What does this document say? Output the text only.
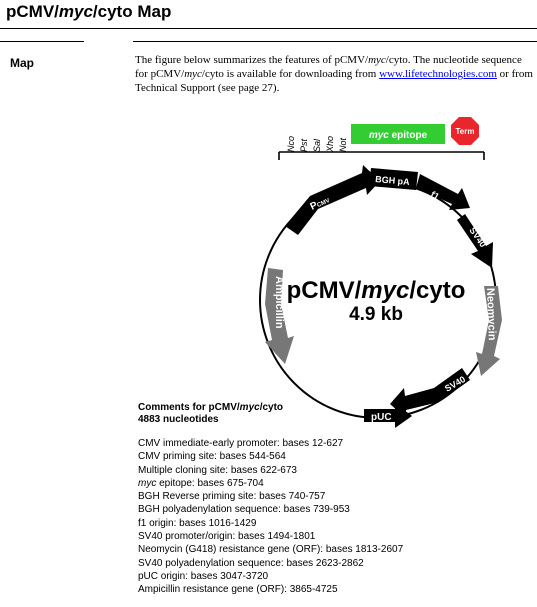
pCMV/myc/cyto Map
Map	The figure below summarizes the features of pCMV/myc/cyto. The nucleotide sequence for pCMV/myc/cyto is available for downloading from www.lifetechnologies.com or from Technical Support (see page 27).
Nco Pst Sal Xho Not
myc epitope	Term
PCMV
BGH pA
f1
SV40
Neomycin
SV40
pUC
Ampicillin pCMV/myc/cyto
4.9 kb
Comments for pCMV/myc/cyto
4883 nucleotides
CMV immediate-early promoter: bases 12-627
CMV priming site: bases 544-564
Multiple cloning site: bases 622-673
myc epitope: bases 675-704
BGH Reverse priming site: bases 740-757
BGH polyadenylation sequence: bases 739-953
f1 origin: bases 1016-1429
SV40 promoter/origin: bases 1494-1801
Neomycin (G418) resistance gene (ORF): bases 1813-2607
SV40 polyadenylation sequence: bases 2623-2862
pUC origin: bases 3047-3720
Ampicillin resistance gene (ORF): 3865-4725
